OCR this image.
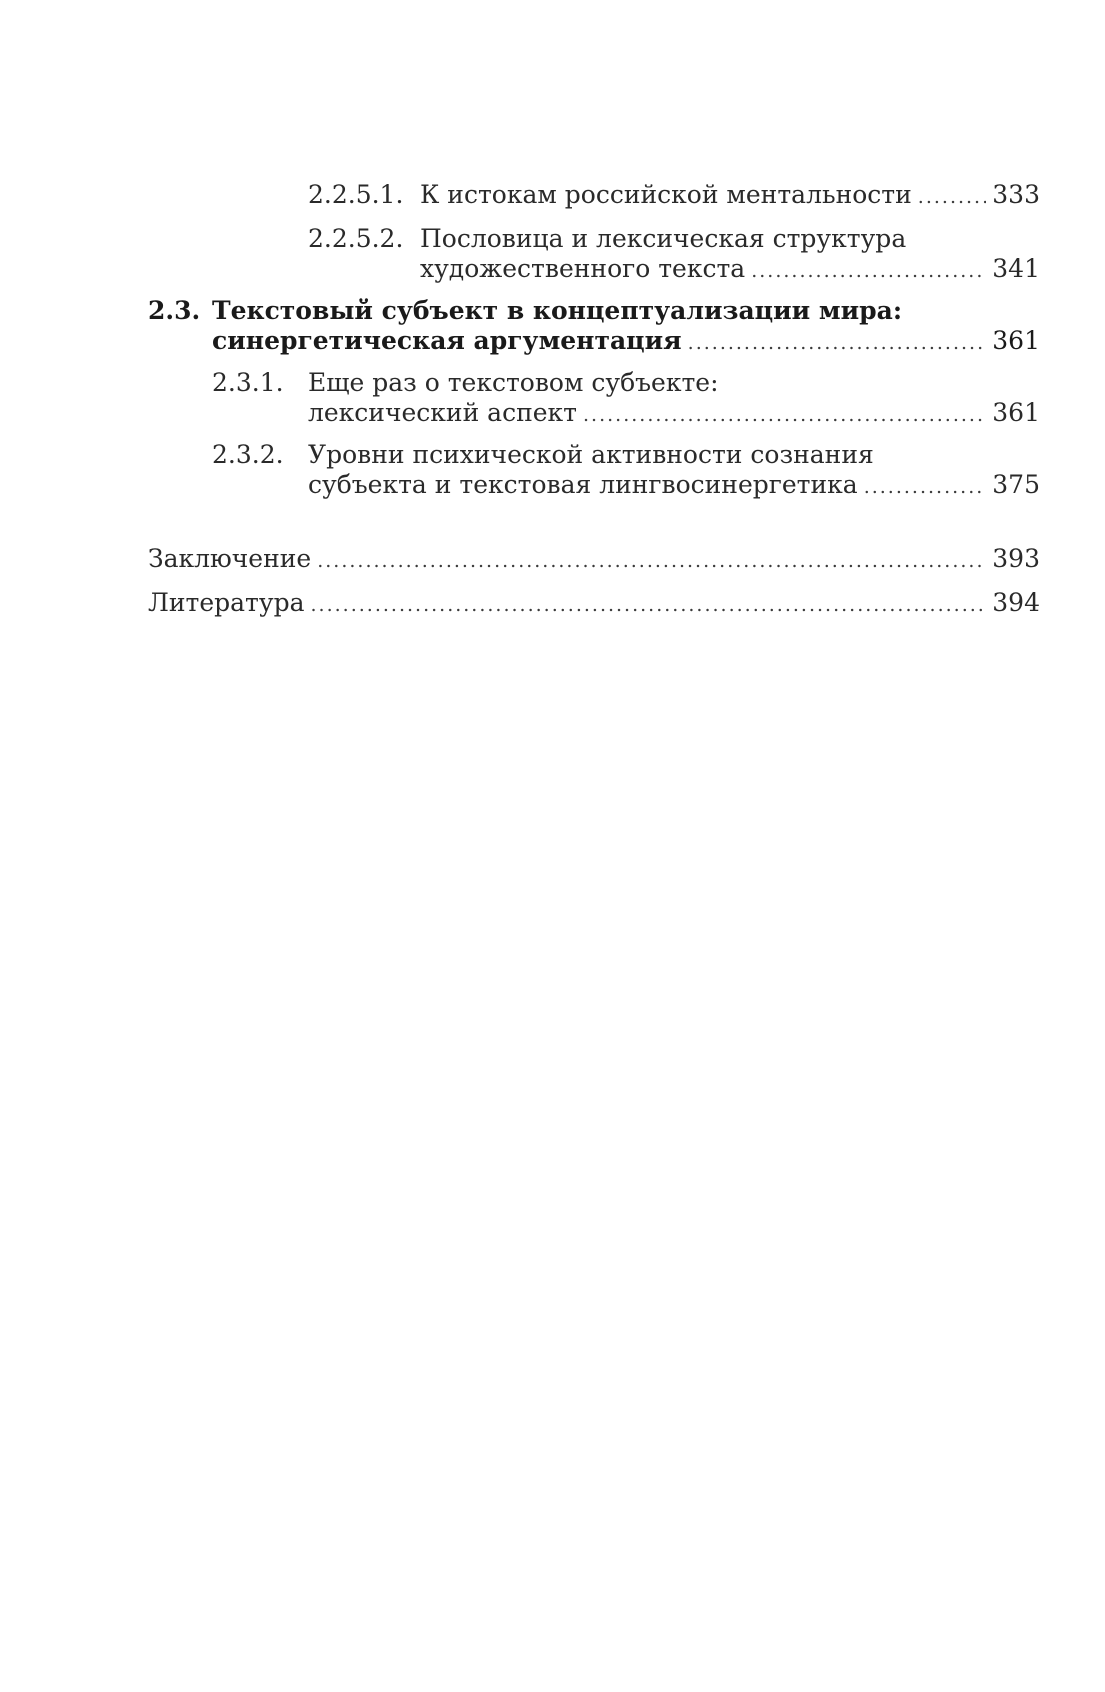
2.2.5.1. К истокам российской ментальности .....	333
2.2.5.2. Пословица и лексическая структура
художественного текста .....	341
2.3. Текстовый субъект в концептуализации мира:
синергетическая аргументация .....	361
2.3.1. Еще раз о текстовом субъекте:
лексический аспект .....	361
2.3.2. Уровни психической активности сознания
субъекта и текстовая лингвосинергетика .....	375
Заключение .....	393
Литература .....	394
